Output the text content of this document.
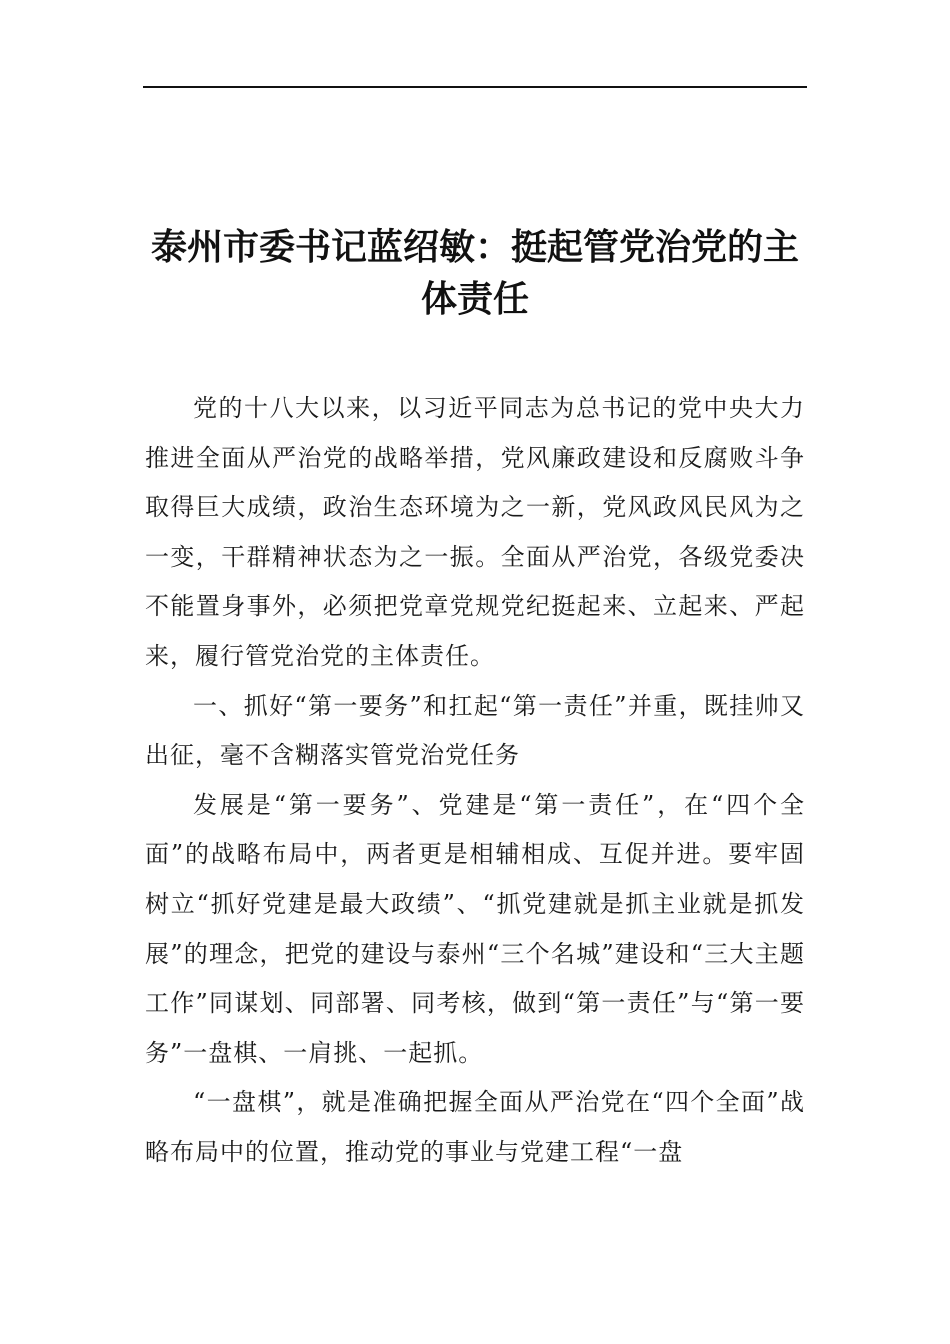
泰州市委书记蓝绍敏：挺起管党治党的主体责任

党的十八大以来，以习近平同志为总书记的党中央大力推进全面从严治党的战略举措，党风廉政建设和反腐败斗争取得巨大成绩，政治生态环境为之一新，党风政风民风为之一变，干群精神状态为之一振。全面从严治党，各级党委决不能置身事外，必须把党章党规党纪挺起来、立起来、严起来，履行管党治党的主体责任。

一、抓好“第一要务”和扛起“第一责任”并重，既挂帅又出征，毫不含糊落实管党治党任务

发展是“第一要务”、党建是“第一责任”，在“四个全面”的战略布局中，两者更是相辅相成、互促并进。要牢固树立“抓好党建是最大政绩”、“抓党建就是抓主业就是抓发展”的理念，把党的建设与泰州“三个名城”建设和“三大主题工作”同谋划、同部署、同考核，做到“第一责任”与“第一要务”一盘棋、一肩挑、一起抓。

“一盘棋”，就是准确把握全面从严治党在“四个全面”战略布局中的位置，推动党的事业与党建工程“一盘
